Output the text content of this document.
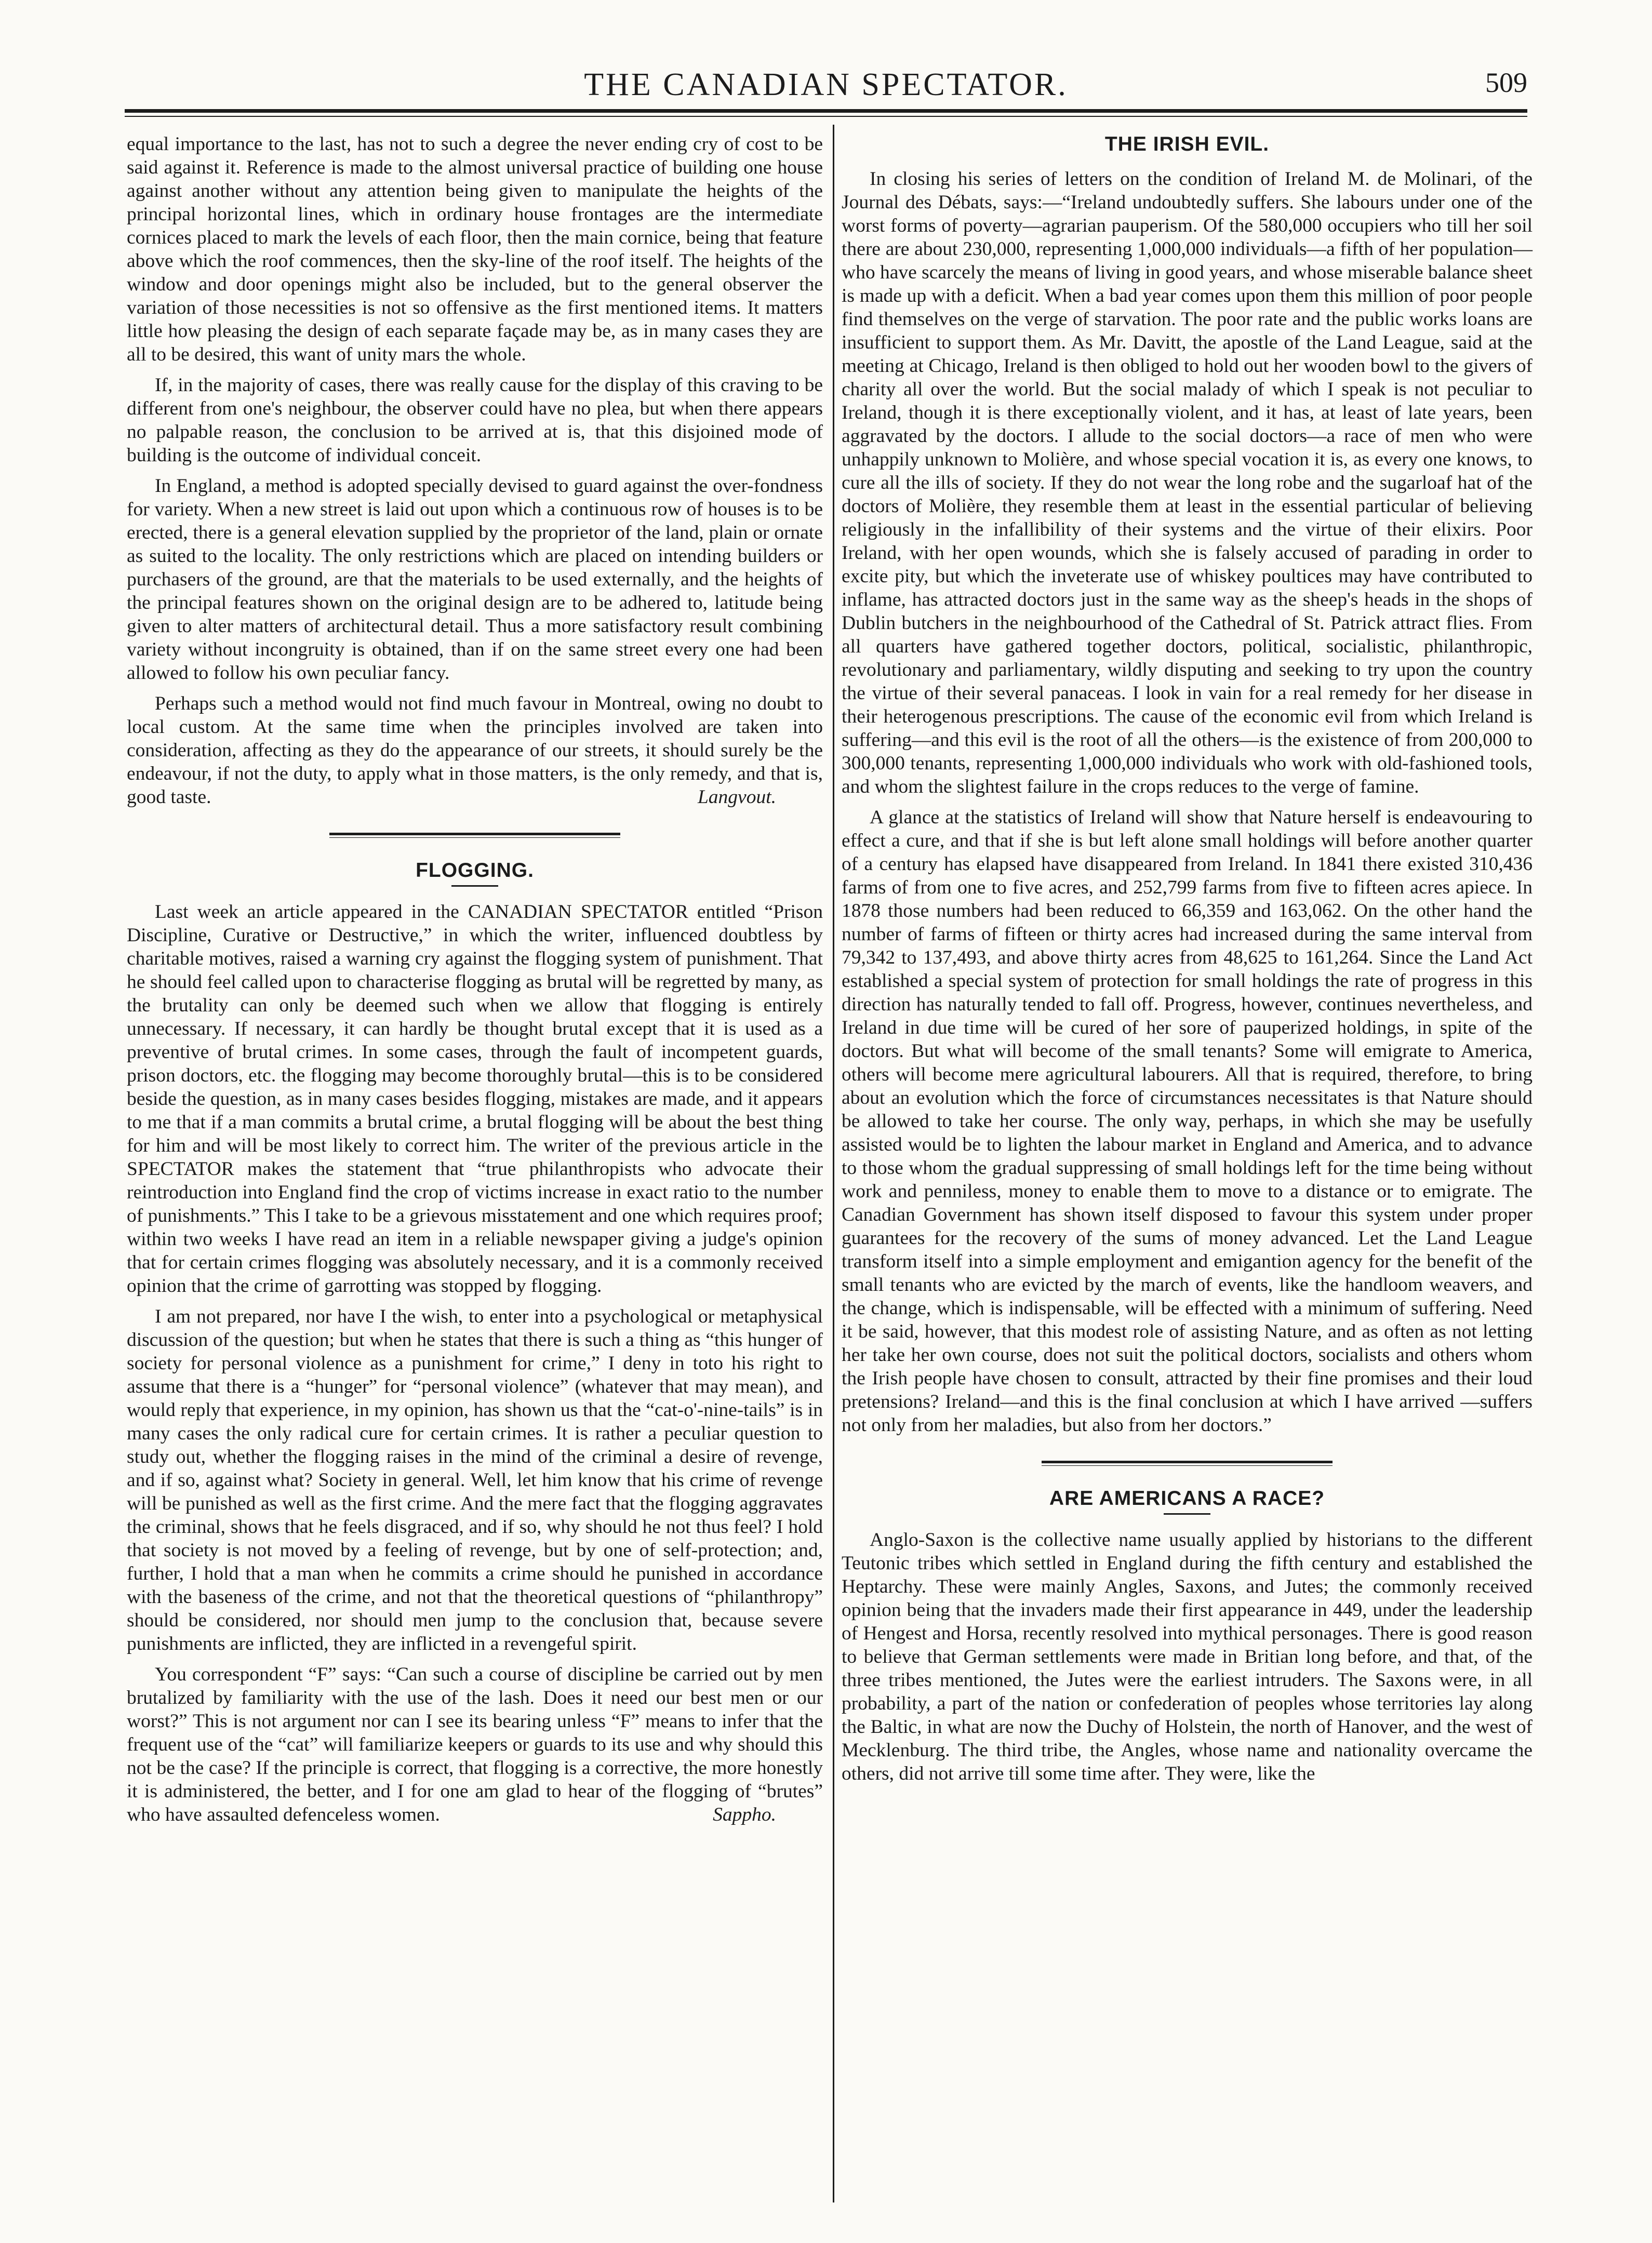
THE CANADIAN SPECTATOR.	509

equal importance to the last, has not to such a degree the never ending cry of cost to be said against it. Reference is made to the almost universal practice of building one house against another without any attention being given to manipulate the heights of the principal horizontal lines, which in ordinary house frontages are the intermediate cornices placed to mark the levels of each floor, then the main cornice, being that feature above which the roof commences, then the sky-line of the roof itself. The heights of the window and door openings might also be included, but to the general observer the variation of those necessities is not so offensive as the first mentioned items. It matters little how pleasing the design of each separate façade may be, as in many cases they are all to be desired, this want of unity mars the whole.

If, in the majority of cases, there was really cause for the display of this craving to be different from one's neighbour, the observer could have no plea, but when there appears no palpable reason, the conclusion to be arrived at is, that this disjoined mode of building is the outcome of individual conceit.

In England, a method is adopted specially devised to guard against the over-fondness for variety. When a new street is laid out upon which a continuous row of houses is to be erected, there is a general elevation supplied by the proprietor of the land, plain or ornate as suited to the locality. The only restrictions which are placed on intending builders or purchasers of the ground, are that the materials to be used externally, and the heights of the principal features shown on the original design are to be adhered to, latitude being given to alter matters of architectural detail. Thus a more satisfactory result combining variety without incongruity is obtained, than if on the same street every one had been allowed to follow his own peculiar fancy.

Perhaps such a method would not find much favour in Montreal, owing no doubt to local custom. At the same time when the principles involved are taken into consideration, affecting as they do the appearance of our streets, it should surely be the endeavour, if not the duty, to apply what in those matters, is the only remedy, and that is, good taste.	Langvout.

FLOGGING.

Last week an article appeared in the CANADIAN SPECTATOR entitled “Prison Discipline, Curative or Destructive,” in which the writer, influenced doubtless by charitable motives, raised a warning cry against the flogging system of punishment. That he should feel called upon to characterise flogging as brutal will be regretted by many, as the brutality can only be deemed such when we allow that flogging is entirely unnecessary. If necessary, it can hardly be thought brutal except that it is used as a preventive of brutal crimes. In some cases, through the fault of incompetent guards, prison doctors, etc. the flogging may become thoroughly brutal—this is to be considered beside the question, as in many cases besides flogging, mistakes are made, and it appears to me that if a man commits a brutal crime, a brutal flogging will be about the best thing for him and will be most likely to correct him. The writer of the previous article in the SPECTATOR makes the statement that “true philanthropists who advocate their reintroduction into England find the crop of victims increase in exact ratio to the number of punishments.” This I take to be a grievous misstatement and one which requires proof; within two weeks I have read an item in a reliable newspaper giving a judge's opinion that for certain crimes flogging was absolutely necessary, and it is a commonly received opinion that the crime of garrotting was stopped by flogging.

I am not prepared, nor have I the wish, to enter into a psychological or metaphysical discussion of the question; but when he states that there is such a thing as “this hunger of society for personal violence as a punishment for crime,” I deny in toto his right to assume that there is a “hunger” for “personal violence” (whatever that may mean), and would reply that experience, in my opinion, has shown us that the “cat-o'-nine-tails” is in many cases the only radical cure for certain crimes. It is rather a peculiar question to study out, whether the flogging raises in the mind of the criminal a desire of revenge, and if so, against what? Society in general. Well, let him know that his crime of revenge will be punished as well as the first crime. And the mere fact that the flogging aggravates the criminal, shows that he feels disgraced, and if so, why should he not thus feel? I hold that society is not moved by a feeling of revenge, but by one of self-protection; and, further, I hold that a man when he commits a crime should he punished in accordance with the baseness of the crime, and not that the theoretical questions of “philanthropy” should be considered, nor should men jump to the conclusion that, because severe punishments are inflicted, they are inflicted in a revengeful spirit.

You correspondent “F” says: “Can such a course of discipline be carried out by men brutalized by familiarity with the use of the lash. Does it need our best men or our worst?” This is not argument nor can I see its bearing unless “F” means to infer that the frequent use of the “cat” will familiarize keepers or guards to its use and why should this not be the case? If the principle is correct, that flogging is a corrective, the more honestly it is administered, the better, and I for one am glad to hear of the flogging of “brutes” who have assaulted defenceless women.	Sappho.

THE IRISH EVIL.

In closing his series of letters on the condition of Ireland M. de Molinari, of the Journal des Débats, says:—“Ireland undoubtedly suffers. She labours under one of the worst forms of poverty—agrarian pauperism. Of the 580,000 occupiers who till her soil there are about 230,000, representing 1,000,000 individuals—a fifth of her population—who have scarcely the means of living in good years, and whose miserable balance sheet is made up with a deficit. When a bad year comes upon them this million of poor people find themselves on the verge of starvation. The poor rate and the public works loans are insufficient to support them. As Mr. Davitt, the apostle of the Land League, said at the meeting at Chicago, Ireland is then obliged to hold out her wooden bowl to the givers of charity all over the world. But the social malady of which I speak is not peculiar to Ireland, though it is there exceptionally violent, and it has, at least of late years, been aggravated by the doctors. I allude to the social doctors—a race of men who were unhappily unknown to Molière, and whose special vocation it is, as every one knows, to cure all the ills of society. If they do not wear the long robe and the sugarloaf hat of the doctors of Molière, they resemble them at least in the essential particular of believing religiously in the infallibility of their systems and the virtue of their elixirs. Poor Ireland, with her open wounds, which she is falsely accused of parading in order to excite pity, but which the inveterate use of whiskey poultices may have contributed to inflame, has attracted doctors just in the same way as the sheep's heads in the shops of Dublin butchers in the neighbourhood of the Cathedral of St. Patrick attract flies. From all quarters have gathered together doctors, political, socialistic, philanthropic, revolutionary and parliamentary, wildly disputing and seeking to try upon the country the virtue of their several panaceas. I look in vain for a real remedy for her disease in their heterogenous prescriptions. The cause of the economic evil from which Ireland is suffering—and this evil is the root of all the others—is the existence of from 200,000 to 300,000 tenants, representing 1,000,000 individuals who work with old-fashioned tools, and whom the slightest failure in the crops reduces to the verge of famine.

A glance at the statistics of Ireland will show that Nature herself is endeavouring to effect a cure, and that if she is but left alone small holdings will before another quarter of a century has elapsed have disappeared from Ireland. In 1841 there existed 310,436 farms of from one to five acres, and 252,799 farms from five to fifteen acres apiece. In 1878 those numbers had been reduced to 66,359 and 163,062. On the other hand the number of farms of fifteen or thirty acres had increased during the same interval from 79,342 to 137,493, and above thirty acres from 48,625 to 161,264. Since the Land Act established a special system of protection for small holdings the rate of progress in this direction has naturally tended to fall off. Progress, however, continues nevertheless, and Ireland in due time will be cured of her sore of pauperized holdings, in spite of the doctors. But what will become of the small tenants? Some will emigrate to America, others will become mere agricultural labourers. All that is required, therefore, to bring about an evolution which the force of circumstances necessitates is that Nature should be allowed to take her course. The only way, perhaps, in which she may be usefully assisted would be to lighten the labour market in England and America, and to advance to those whom the gradual suppressing of small holdings left for the time being without work and penniless, money to enable them to move to a distance or to emigrate. The Canadian Government has shown itself disposed to favour this system under proper guarantees for the recovery of the sums of money advanced. Let the Land League transform itself into a simple employment and emigantion agency for the benefit of the small tenants who are evicted by the march of events, like the handloom weavers, and the change, which is indispensable, will be effected with a minimum of suffering. Need it be said, however, that this modest role of assisting Nature, and as often as not letting her take her own course, does not suit the political doctors, socialists and others whom the Irish people have chosen to consult, attracted by their fine promises and their loud pretensions? Ireland—and this is the final conclusion at which I have arrived —suffers not only from her maladies, but also from her doctors.”

ARE AMERICANS A RACE?

Anglo-Saxon is the collective name usually applied by historians to the different Teutonic tribes which settled in England during the fifth century and established the Heptarchy. These were mainly Angles, Saxons, and Jutes; the commonly received opinion being that the invaders made their first appearance in 449, under the leadership of Hengest and Horsa, recently resolved into mythical personages. There is good reason to believe that German settlements were made in Britian long before, and that, of the three tribes mentioned, the Jutes were the earliest intruders. The Saxons were, in all probability, a part of the nation or confederation of peoples whose territories lay along the Baltic, in what are now the Duchy of Holstein, the north of Hanover, and the west of Mecklenburg. The third tribe, the Angles, whose name and nationality overcame the others, did not arrive till some time after. They were, like the
